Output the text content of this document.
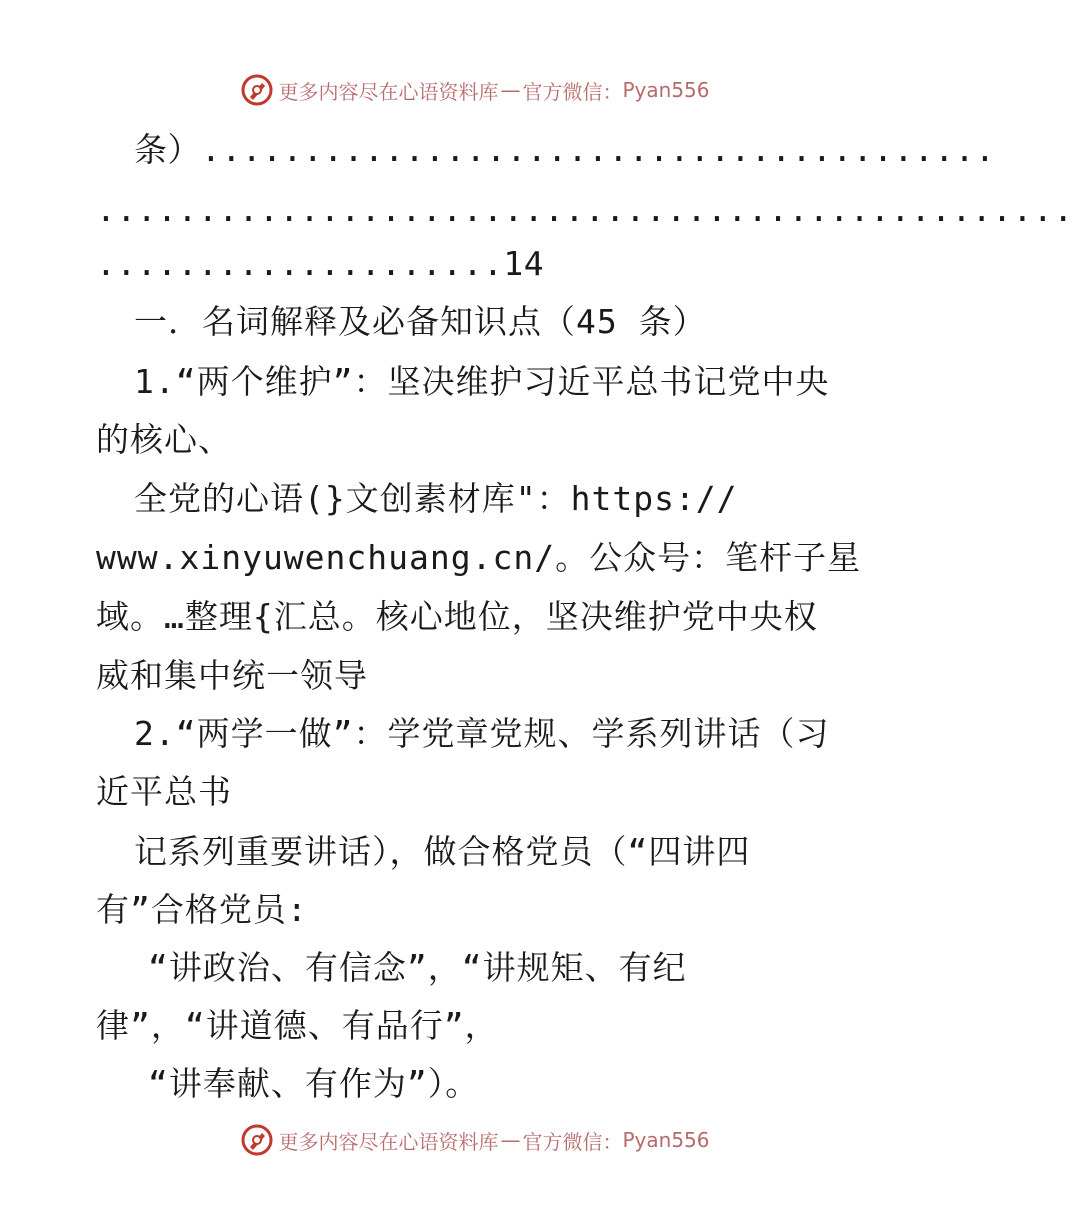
更多内容尽在心语资料库 — 官方微信： Pyan556
条）.......................................
................................................
....................14
一．名词解释及必备知识点（45 条）
1.“两个维护”：坚决维护习近平总书记党中央
的核心、
全党的心语(}文创素材库"：https://
www.xinyuwenchuang.cn/。公众号：笔杆子星
域。…整理{汇总。核心地位，坚决维护党中央权
威和集中统一领导
2.“两学一做”：学党章党规、学系列讲话（习
近平总书
记系列重要讲话），做合格党员（“四讲四
有”合格党员:
“讲政治、有信念”，“讲规矩、有纪
律”，“讲道德、有品行”，
“讲奉献、有作为”）。
更多内容尽在心语资料库 — 官方微信： Pyan556
